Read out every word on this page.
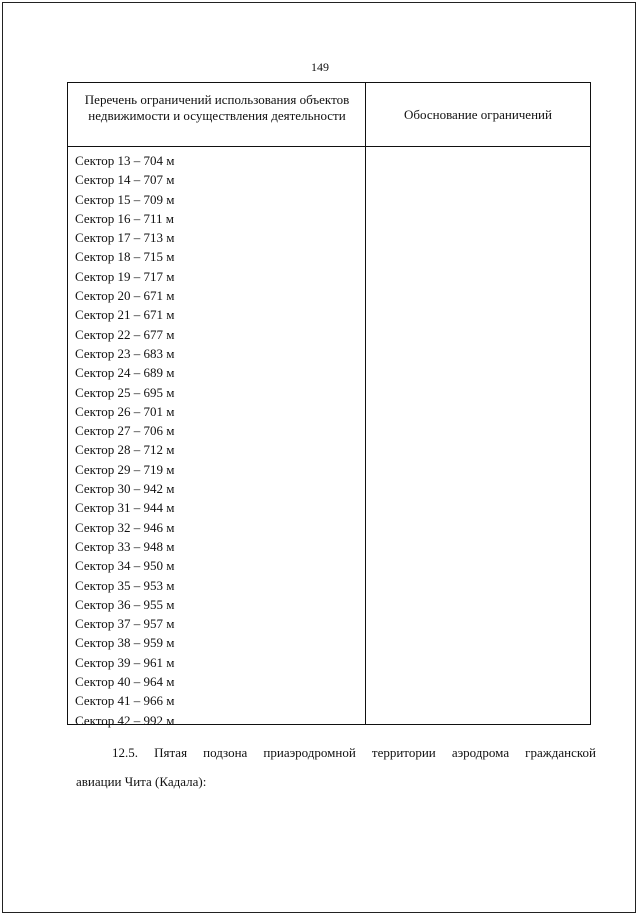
149
Перечень ограничений использования объектов недвижимости и осуществления деятельности	Обоснование ограничений
Сектор 13 – 704 м
Сектор 14 – 707 м
Сектор 15 – 709 м
Сектор 16 – 711 м
Сектор 17 – 713 м
Сектор 18 – 715 м
Сектор 19 – 717 м
Сектор 20 – 671 м
Сектор 21 – 671 м
Сектор 22 – 677 м
Сектор 23 – 683 м
Сектор 24 – 689 м
Сектор 25 – 695 м
Сектор 26 – 701 м
Сектор 27 – 706 м
Сектор 28 – 712 м
Сектор 29 – 719 м
Сектор 30 – 942 м
Сектор 31 – 944 м
Сектор 32 – 946 м
Сектор 33 – 948 м
Сектор 34 – 950 м
Сектор 35 – 953 м
Сектор 36 – 955 м
Сектор 37 – 957 м
Сектор 38 – 959 м
Сектор 39 – 961 м
Сектор 40 – 964 м
Сектор 41 – 966 м
Сектор 42 – 992 м
12.5. Пятая подзона приаэродромной территории аэродрома гражданской
авиации Чита (Кадала):
